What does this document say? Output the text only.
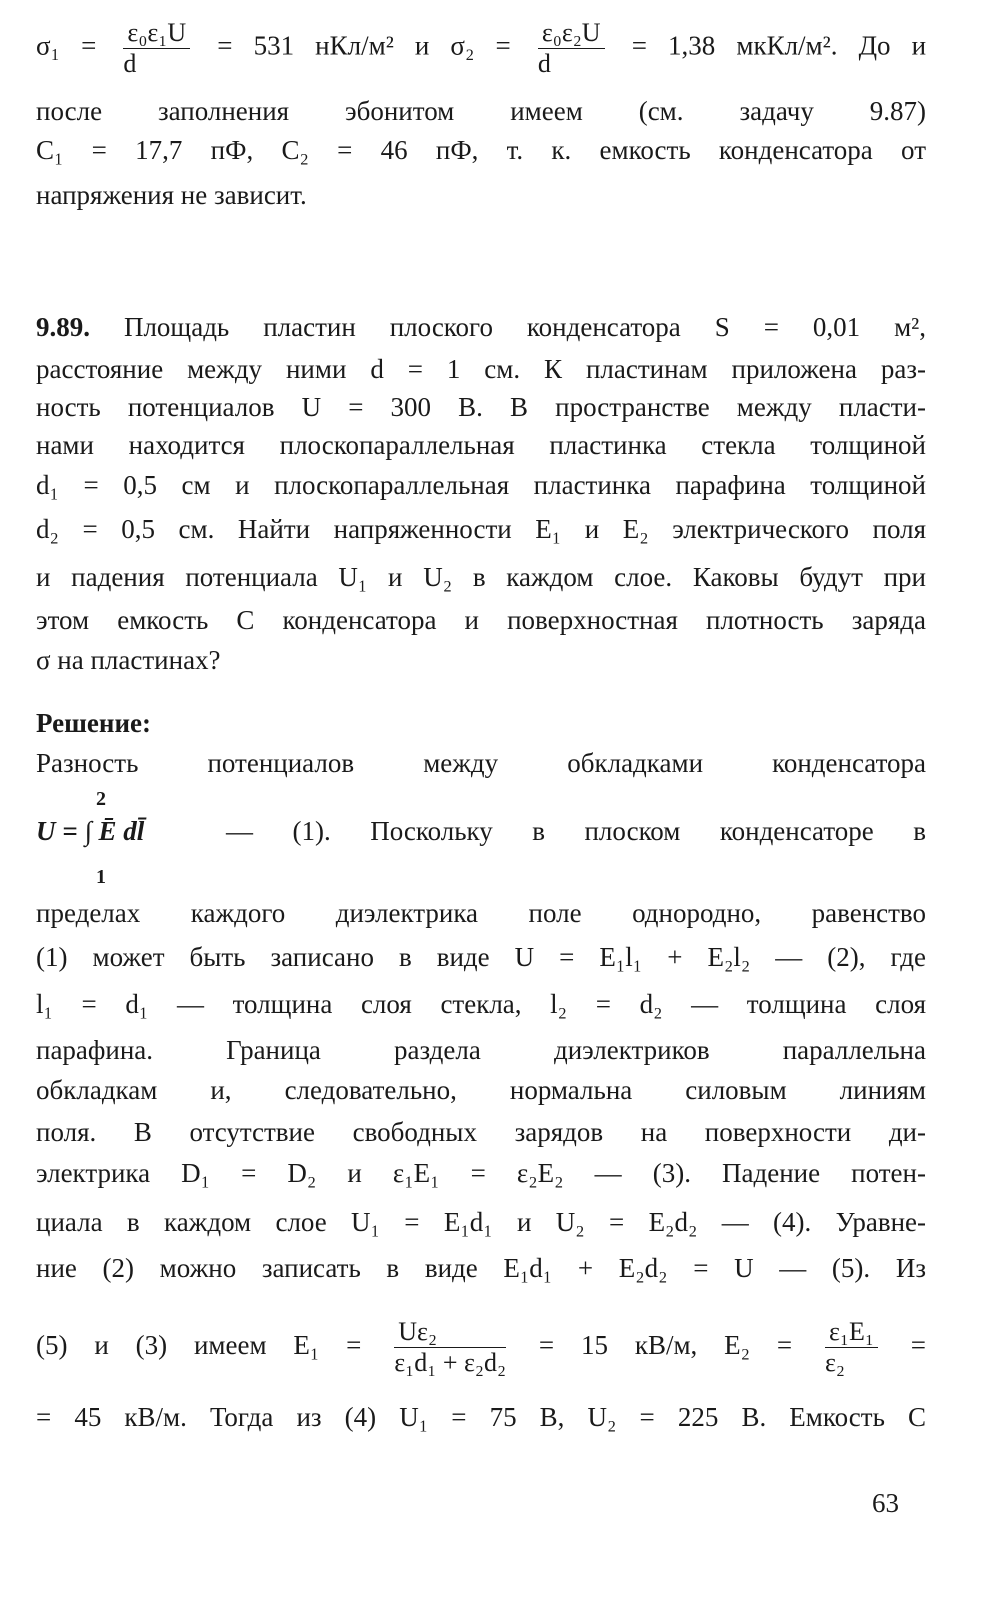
$\sigma_1 = \frac{\text{ε₀ε₁U}}{d} = 531$ нКл/м² и $\sigma_2 = \frac{\text{ε₀ε₂U}}{d} = 1,38$ мкКл/м². До и
после заполнения эбонитом имеем (см. задачу 9.87)
C₁ = 17,7 пФ, C₂ = 46 пФ, т. к. емкость конденсатора от
напряжения не зависит.
9.89. Площадь пластин плоского конденсатора S = 0,01 м²,
расстояние между ними d = 1 см. К пластинам приложена раз-
ность потенциалов U = 300 В. В пространстве между пласти-
нами находится плоскопараллельная пластинка стекла толщиной
d₁ = 0,5 см и плоскопараллельная пластинка парафина толщиной
d₂ = 0,5 см. Найти напряженности E₁ и E₂ электрического поля
и падения потенциала U₁ и U₂ в каждом слое. Каковы будут при
этом емкость C конденсатора и поверхностная плотность заряда
σ на пластинах?
Решение:
Разность потенциалов между обкладками конденсатора
2
1
U = ∫ Ē dl̄	— (1). Поскольку в плоском конденсаторе в
пределах каждого диэлектрика поле однородно, равенство
(1) может быть записано в виде U = E₁l₁ + E₂l₂ — (2), где
l₁ = d₁ — толщина слоя стекла, l₂ = d₂ — толщина слоя
парафина. Граница раздела диэлектриков параллельна
обкладкам и, следовательно, нормальна силовым линиям
поля. В отсутствие свободных зарядов на поверхности ди-
электрика D₁ = D₂ и ε₁E₁ = ε₂E₂ — (3). Падение потен-
циала в каждом слое U₁ = E₁d₁ и U₂ = E₂d₂ — (4). Уравне-
ние (2) можно записать в виде E₁d₁ + E₂d₂ = U — (5). Из
(5) и (3) имеем $E_1 = \frac{\text{Uε₂}}{\text{ε₁d₁ + ε₂d₂}} = 15$ кВ/м, $E_2 = \frac{\text{ε₁E₁}}{\text{ε₂}}$ =
= 45 кВ/м. Тогда из (4) U₁ = 75 В, U₂ = 225 В. Емкость C
63
